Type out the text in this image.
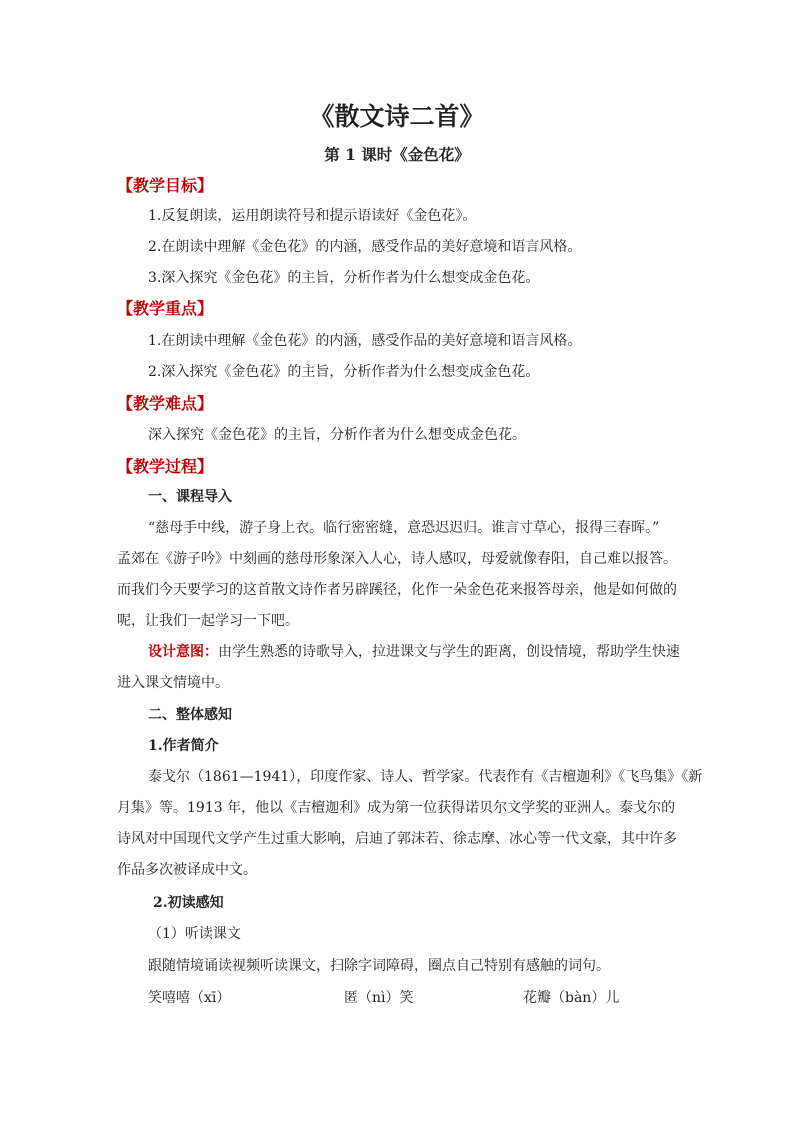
《散文诗二首》
第 1 课时《金色花》
【教学目标】
1.反复朗读，运用朗读符号和提示语读好《金色花》。
2.在朗读中理解《金色花》的内涵，感受作品的美好意境和语言风格。
3.深入探究《金色花》的主旨，分析作者为什么想变成金色花。
【教学重点】
1.在朗读中理解《金色花》的内涵，感受作品的美好意境和语言风格。
2.深入探究《金色花》的主旨，分析作者为什么想变成金色花。
【教学难点】
深入探究《金色花》的主旨，分析作者为什么想变成金色花。
【教学过程】
一、课程导入
“慈母手中线，游子身上衣。临行密密缝，意恐迟迟归。谁言寸草心，报得三春晖。”
孟郊在《游子吟》中刻画的慈母形象深入人心，诗人感叹，母爱就像春阳，自己难以报答。
而我们今天要学习的这首散文诗作者另辟蹊径，化作一朵金色花来报答母亲，他是如何做的
呢，让我们一起学习一下吧。
设计意图：由学生熟悉的诗歌导入，拉进课文与学生的距离，创设情境，帮助学生快速
进入课文情境中。
二、整体感知
1.作者简介
泰戈尔（1861—1941），印度作家、诗人、哲学家。代表作有《吉檀迦利》《飞鸟集》《新
月集》等。1913 年，他以《吉檀迦利》成为第一位获得诺贝尔文学奖的亚洲人。泰戈尔的
诗风对中国现代文学产生过重大影响，启迪了郭沫若、徐志摩、冰心等一代文豪，其中许多
作品多次被译成中文。
2.初读感知
（1）听读课文
跟随情境诵读视频听读课文，扫除字词障碍，圈点自己特别有感触的词句。
笑嘻嘻（xī）	匿（nì）笑	花瓣（bàn）儿
